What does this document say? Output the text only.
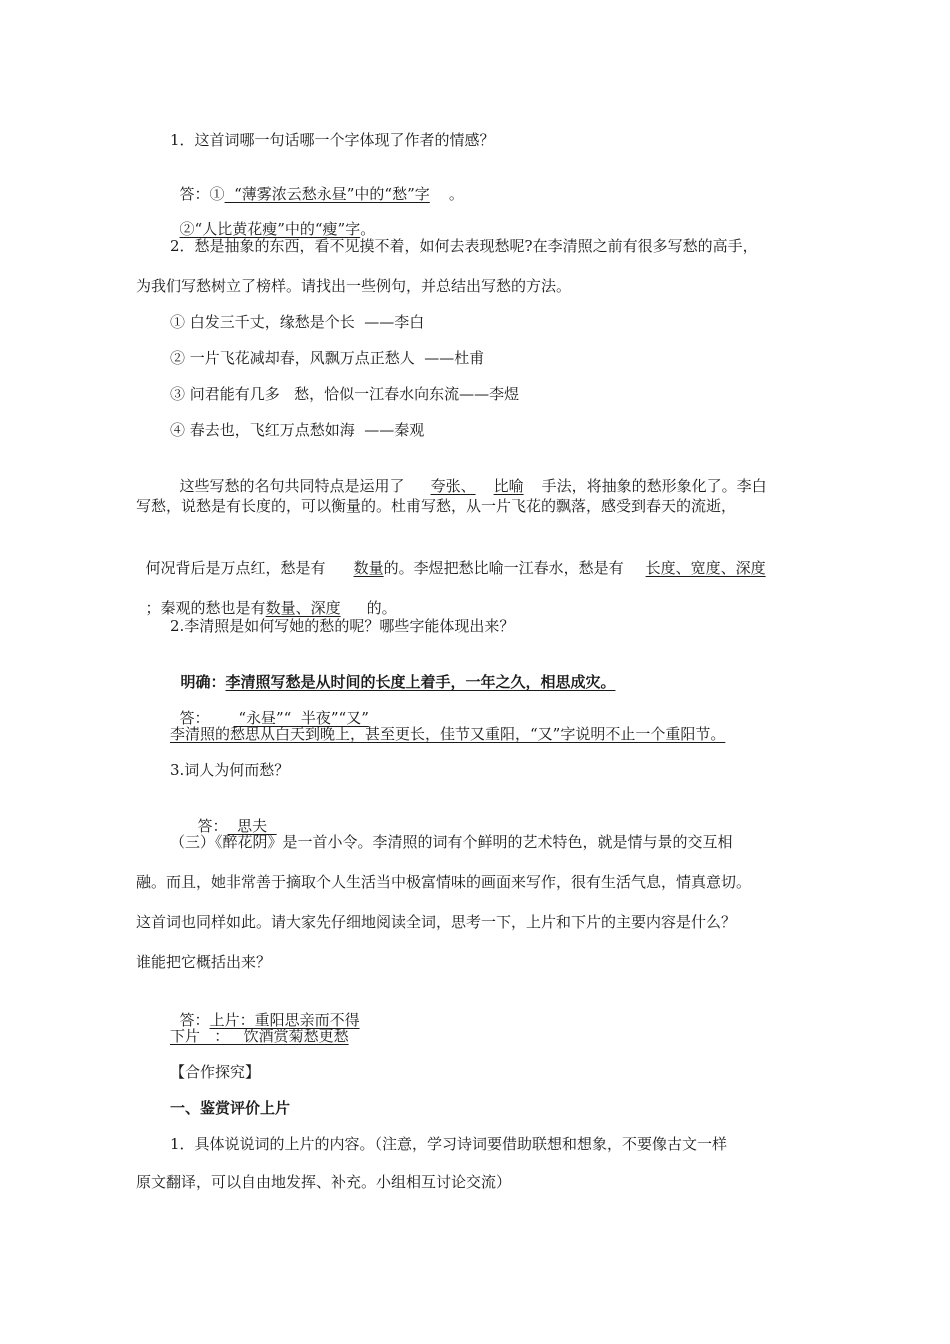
1．这首词哪一句话哪一个字体现了作者的情感？

答：①  “薄雾浓云愁永昼”中的“愁”字    。

②“人比黄花瘦”中的“瘦”字。

2．愁是抽象的东西，看不见摸不着，如何去表现愁呢?在李清照之前有很多写愁的高手，
为我们写愁树立了榜样。请找出一些例句，并总结出写愁的方法。
① 白发三千丈，缘愁是个长  ——李白
② 一片飞花减却春，风飘万点正愁人  ——杜甫
③ 问君能有几多   愁，恰似一江春水向东流——李煜
④ 春去也，飞红万点愁如海  ——秦观

这些写愁的名句共同特点是运用了 夸张、 比喻 手法，将抽象的愁形象化了。李白

写愁，说愁是有长度的，可以衡量的。杜甫写愁，从一片飞花的飘落，感受到春天的流逝，

何况背后是万点红，愁是有 数量的。李煜把愁比喻一江春水，愁是有 长度、宽度、深度

；秦观的愁也是有数量、深度 的。

2.李清照是如何写她的愁的呢？哪些字能体现出来？

明确：李清照写愁是从时间的长度上着手，一年之久，相思成灾。

答： “永昼”“  半夜”“又”

李清照的愁思从白天到晚上，甚至更长，佳节又重阳，“又”字说明不止一个重阳节。
3.词人为何而愁？

答：  思夫

（三）《醉花阴》是一首小令。李清照的词有个鲜明的艺术特色，就是情与景的交互相
融。而且，她非常善于摘取个人生活当中极富情味的画面来写作，很有生活气息，情真意切。
这首词也同样如此。请大家先仔细地阅读全词，思考一下，上片和下片的主要内容是什么？
谁能把它概括出来？

答：上片：重阳思亲而不得

下片   ：   饮酒赏菊愁更愁
【合作探究】
一、鉴赏评价上片
1．具体说说词的上片的内容。（注意，学习诗词要借助联想和想象，不要像古文一样
原文翻译，可以自由地发挥、补充。小组相互讨论交流）
